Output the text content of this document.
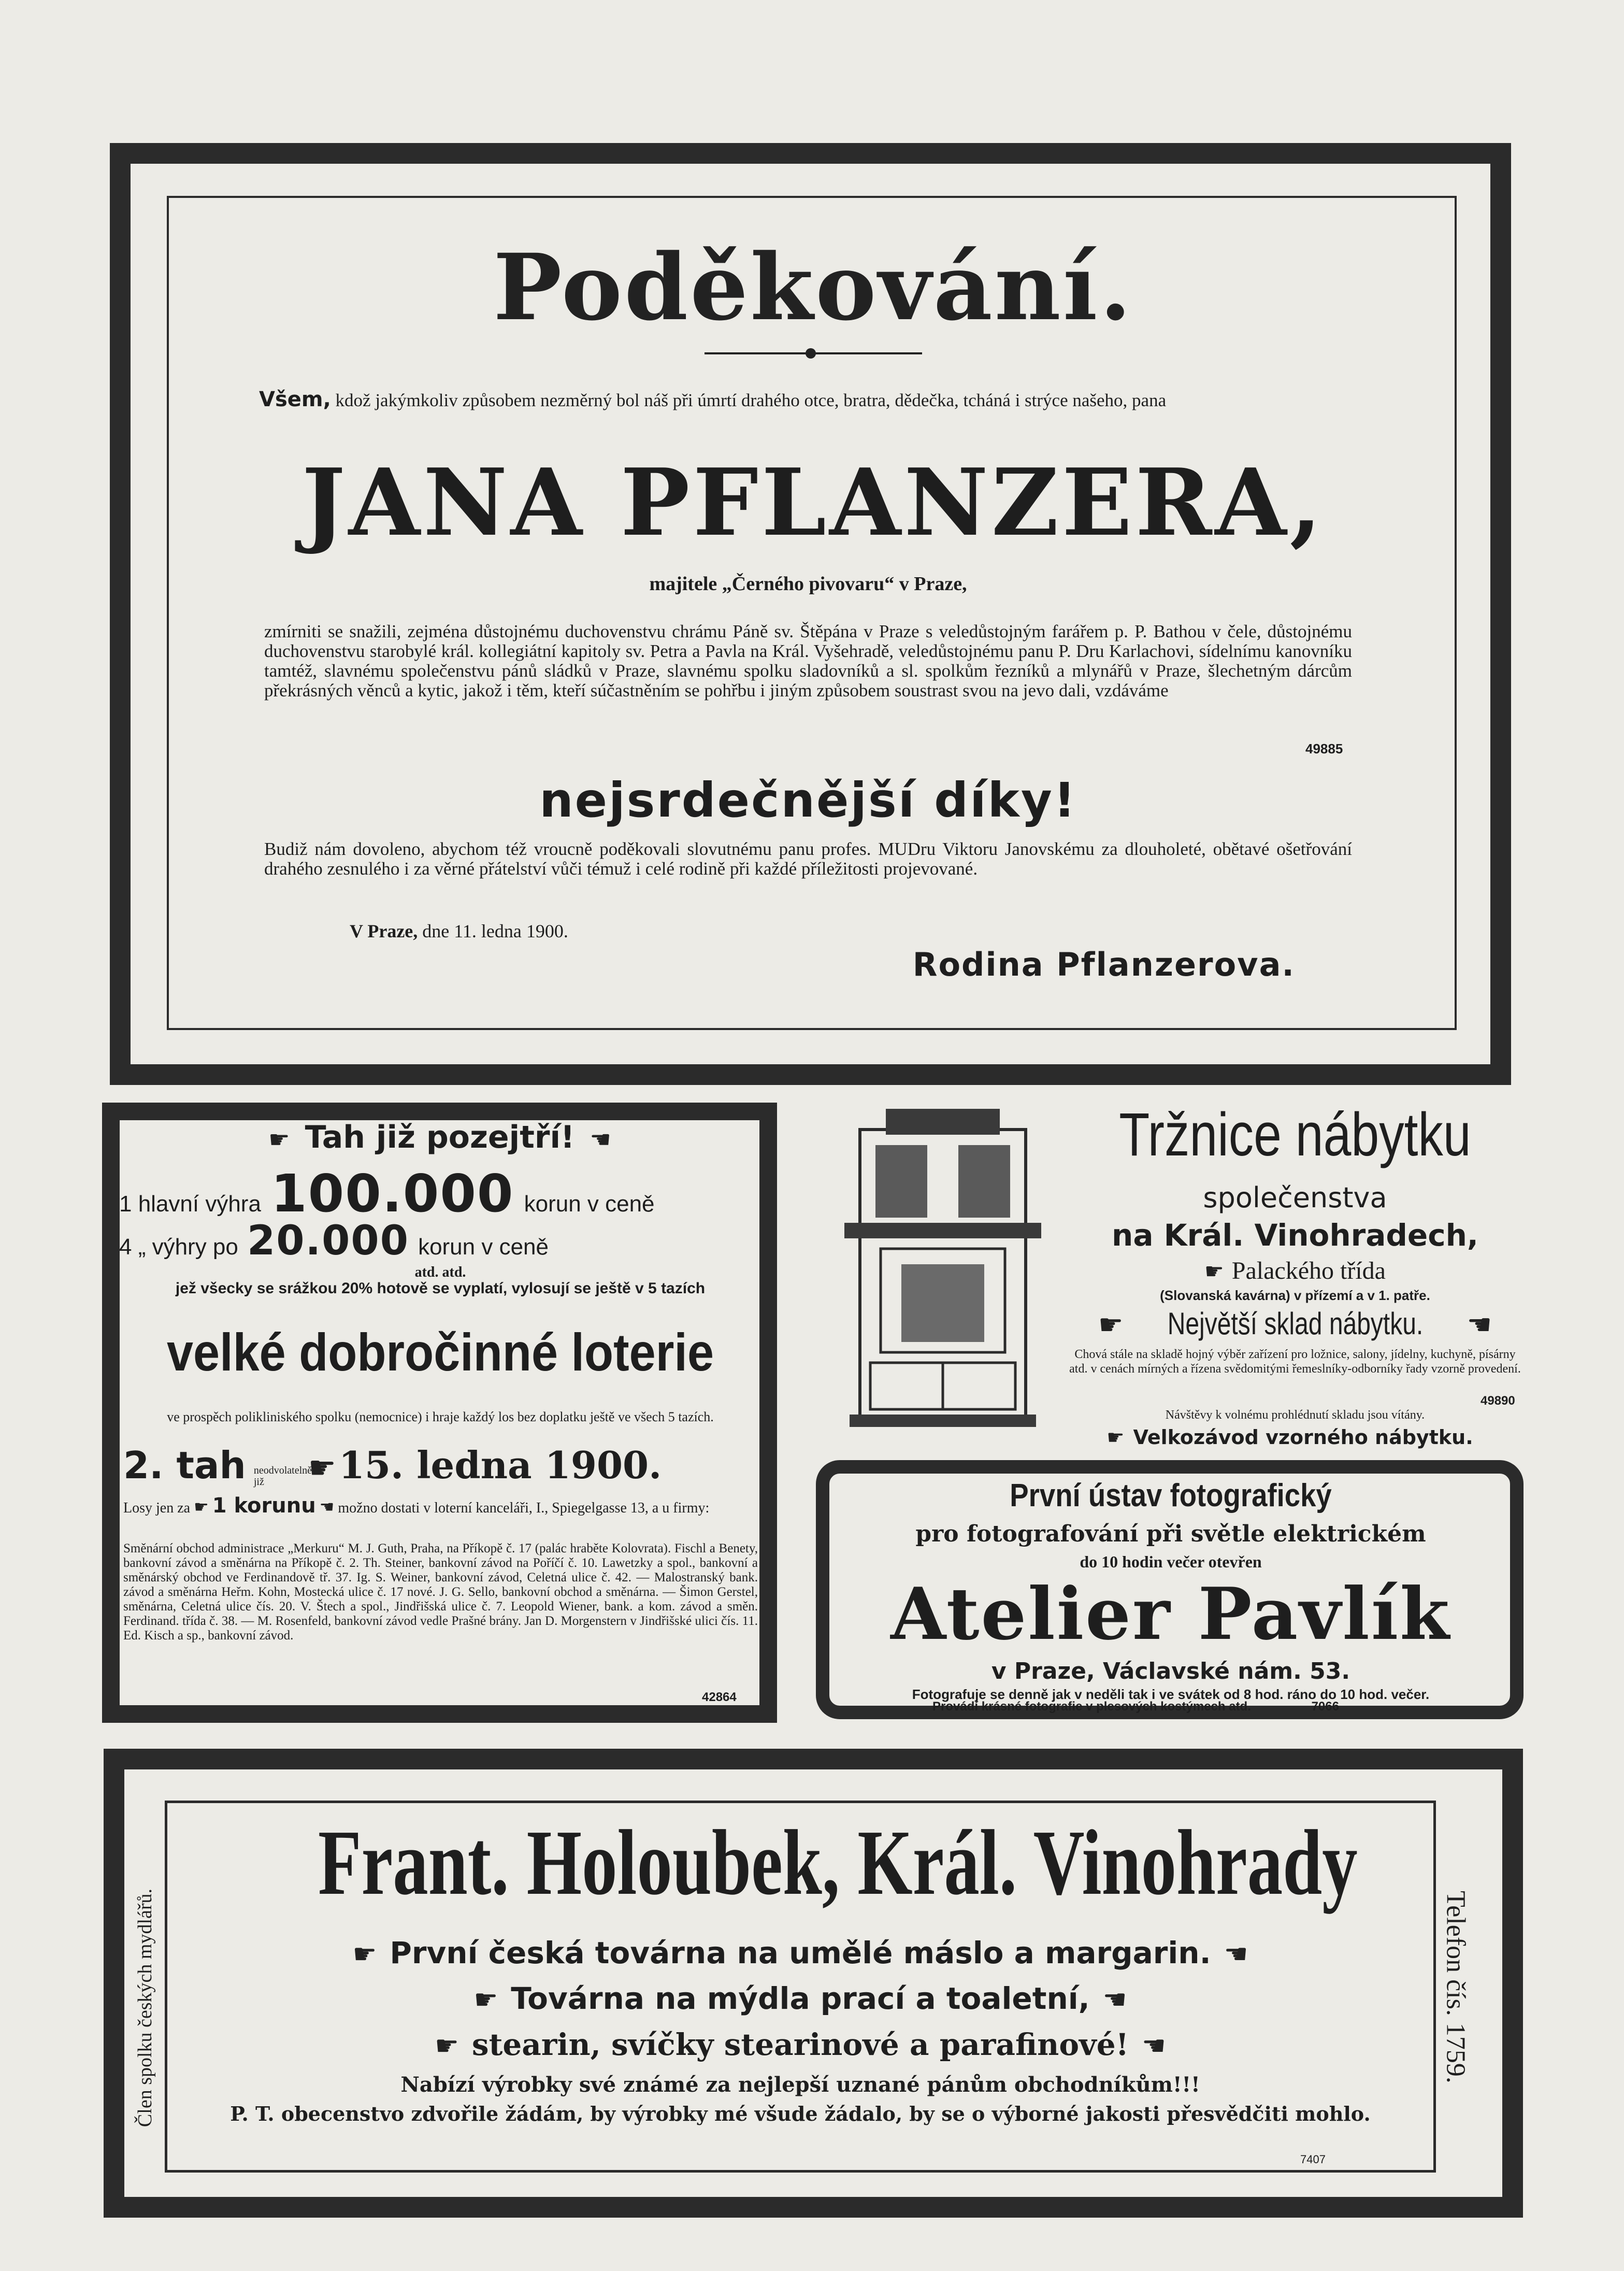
Poděkování.
Všem, kdož jakýmkoliv způsobem nezměrný bol náš při úmrtí drahého otce, bratra, dědečka, tcháná i strýce našeho, pana
JANA PFLANZERA,
majitele „Černého pivovaru“ v Praze,
zmírniti se snažili, zejména důstojnému duchovenstvu chrámu Páně sv. Štěpána v Praze s veledůstojným farářem p. P. Bathou v čele, důstojnému duchovenstvu starobylé král. kollegiátní kapitoly sv. Petra a Pavla na Král. Vyšehradě, veledůstojnému panu P. Dru Karlachovi, sídelnímu kanovníku tamtéž, slavnému společenstvu pánů sládků v Praze, slavnému spolku sladovníků a sl. spolkům řezníků a mlynářů v Praze, šlechetným dárcům překrásných věnců a kytic, jakož i těm, kteří súčastněním se pohřbu i jiným způsobem soustrast svou na jevo dali, vzdáváme
49885
nejsrdečnější díky!
Budiž nám dovoleno, abychom též vroucně poděkovali slovutnému panu profes. MUDru Viktoru Janovskému za dlouholeté, obětavé ošetřování drahého zesnulého i za věrné přátelství vůči témuž i celé rodině při každé příležitosti projevované.
V Praze, dne 11. ledna 1900.
Rodina Pflanzerova.
☛ Tah již pozejtří! ☚
1 hlavní výhra 100.000 korun v ceně
4 „ výhry po 20.000 korun v ceně
atd. atd.
jež všecky se srážkou 20% hotově se vyplatí, vylosují se ještě v 5 tazích
velké dobročinné loterie
ve prospěch polikliniského spolku (nemocnice) i hraje každý los bez doplatku ještě ve všech 5 tazích.
2. tah neodvolatelně již ☛ 15. ledna 1900.
Losy jen za ☛ 1 korunu ☚ možno dostati v loterní kanceláři, I., Spiegelgasse 13, a u firmy:
Směnární obchod administrace „Merkuru“ M. J. Guth, Praha, na Příkopě č. 17 (palác hraběte Kolovrata). Fischl a Benety, bankovní závod a směnárna na Příkopě č. 2. Th. Steiner, bankovní závod na Poříčí č. 10. Lawetzky a spol., bankovní a směnárský obchod ve Ferdinandově tř. 37. Ig. S. Weiner, bankovní závod, Celetná ulice č. 42. — Malostranský bank. závod a směnárna Heřm. Kohn, Mostecká ulice č. 17 nové. J. G. Sello, bankovní obchod a směnárna. — Šimon Gerstel, směnárna, Celetná ulice čís. 20. V. Štech a spol., Jindřišská ulice č. 7. Leopold Wiener, bank. a kom. závod a směn. Ferdinand. třída č. 38. — M. Rosenfeld, bankovní závod vedle Prašné brány. Jan D. Morgenstern v Jindřišské ulici čís. 11. Ed. Kisch a sp., bankovní závod.
42864
Tržnice nábytku
společenstva
na Král. Vinohradech,
☛ Palackého třída
(Slovanská kavárna) v přízemí a v 1. patře.
☛ Největší sklad nábytku. ☚
Chová stále na skladě hojný výběr zařízení pro ložnice, salony, jídelny, kuchyně, písárny atd. v cenách mírných a řízena svědomitými řemeslníky-odborníky řady vzorně provedení.
49890
Návštěvy k volnému prohlédnutí skladu jsou vítány.
☛ Velkozávod vzorného nábytku.
První ústav fotografický
pro fotografování při světle elektrickém
do 10 hodin večer otevřen
Atelier Pavlík
v Praze, Václavské nám. 53.
Fotografuje se denně jak v neděli tak i ve svátek od 8 hod. ráno do 10 hod. večer.
Provádí krásné fotografie v plesových kostýmech atd.	7066
Člen spolku českých mydlářů.	Telefon čís. 1759.
Frant. Holoubek, Král. Vinohrady
☛ První česká továrna na umělé máslo a margarin. ☚
☛ Továrna na mýdla prací a toaletní, ☚
☛ stearin, svíčky stearinové a parafinové! ☚
Nabízí výrobky své známé za nejlepší uznané pánům obchodníkům!!!
P. T. obecenstvo zdvořile žádám, by výrobky mé všude žádalo, by se o výborné jakosti přesvědčiti mohlo.
7407
